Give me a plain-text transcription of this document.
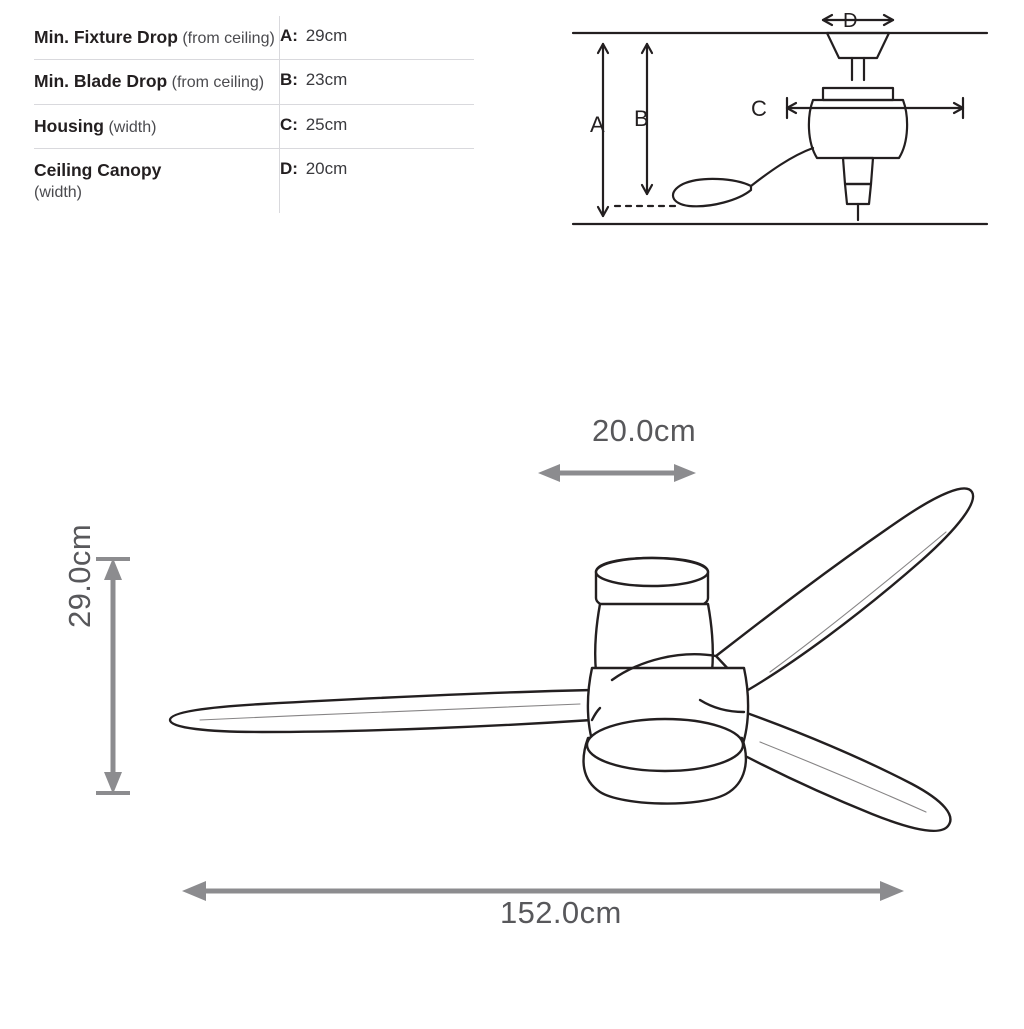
Min. Fixture Drop (from ceiling)	A: 29cm
Min. Blade Drop (from ceiling)	B: 23cm
Housing (width)	C: 25cm
Ceiling Canopy
(width)	D: 20cm
D
A B	C
20.0cm
29.0cm
152.0cm
